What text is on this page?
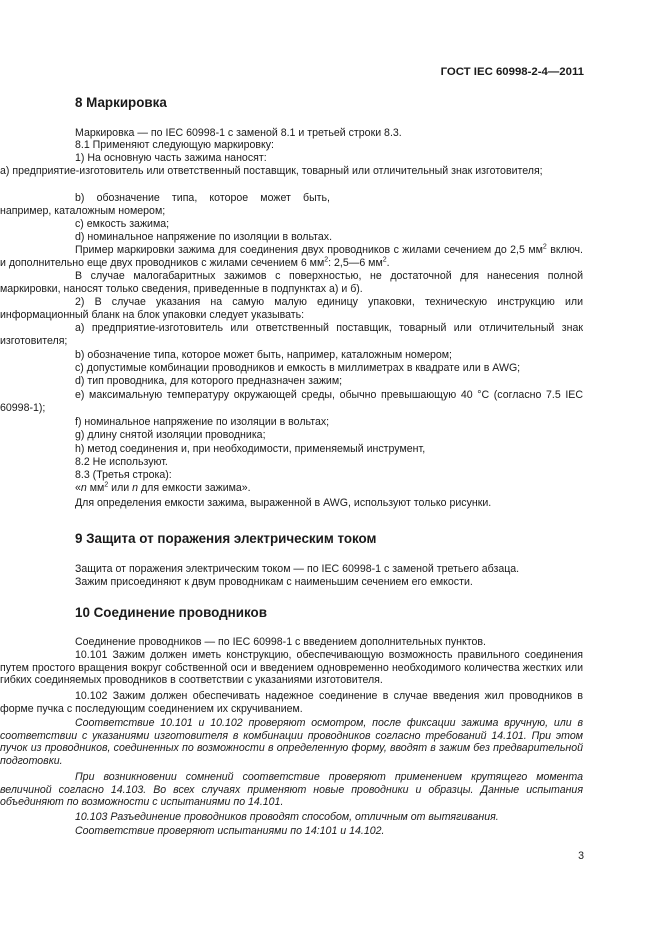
ГОСТ IEC 60998-2-4—2011
8 Маркировка
Маркировка — по IEC 60998-1 с заменой 8.1 и третьей строки 8.3.
8.1 Применяют следующую маркировку:
1) На основную часть зажима наносят:
a) предприятие-изготовитель или ответственный поставщик, товарный или отличительный знак изготовителя;
b) обозначение типа, которое может быть, например, каталожным номером;
c) емкость зажима;
d) номинальное напряжение по изоляции в вольтах.
Пример маркировки зажима для соединения двух проводников с жилами сечением до 2,5 $мм^2$ включ. и дополнительно еще двух проводников с жилами сечением 6 $мм^2$: 2,5—6 $мм^2$.
В случае малогабаритных зажимов с поверхностью, не достаточной для нанесения полной маркировки, наносят только сведения, приведенные в подпунктах а) и б).
2) В случае указания на самую малую единицу упаковки, техническую инструкцию или информационный бланк на блок упаковки следует указывать:
a) предприятие-изготовитель или ответственный поставщик, товарный или отличительный знак изготовителя;
b) обозначение типа, которое может быть, например, каталожным номером;
c) допустимые комбинации проводников и емкость в миллиметрах в квадрате или в AWG;
d) тип проводника, для которого предназначен зажим;
e) максимальную температуру окружающей среды, обычно превышающую 40 °С (согласно 7.5 IEC 60998-1);
f) номинальное напряжение по изоляции в вольтах;
g) длину снятой изоляции проводника;
h) метод соединения и, при необходимости, применяемый инструмент,
8.2 Не используют.
8.3 (Третья строка):
«n $мм^2$ или n для емкости зажима».
Для определения емкости зажима, выраженной в AWG, используют только рисунки.
9 Защита от поражения электрическим током
Защита от поражения электрическим током — по IEC 60998-1 с заменой третьего абзаца.
Зажим присоединяют к двум проводникам с наименьшим сечением его емкости.
10 Соединение проводников
Соединение проводников — по IEC 60998-1 с введением дополнительных пунктов.
10.101 Зажим должен иметь конструкцию, обеспечивающую возможность правильного соединения путем простого вращения вокруг собственной оси и введением одновременно необходимого количества жестких или гибких соединяемых проводников в соответствии с указаниями изготовителя.
10.102 Зажим должен обеспечивать надежное соединение в случае введения жил проводников в форме пучка с последующим соединением их скручиванием.
Соответствие 10.101 и 10.102 проверяют осмотром, после фиксации зажима вручную, или в соответствии с указаниями изготовителя в комбинации проводников согласно требований 14.101. При этом пучок из проводников, соединенных по возможности в определенную форму, вводят в зажим без предварительной подготовки.
При возникновении сомнений соответствие проверяют применением крутящего момента величиной согласно 14.103. Во всех случаях применяют новые проводники и образцы. Данные испытания объединяют по возможности с испытаниями по 14.101.
10.103 Разъединение проводников проводят способом, отличным от вытягивания.
Соответствие проверяют испытаниями по 14:101 и 14.102.
3
